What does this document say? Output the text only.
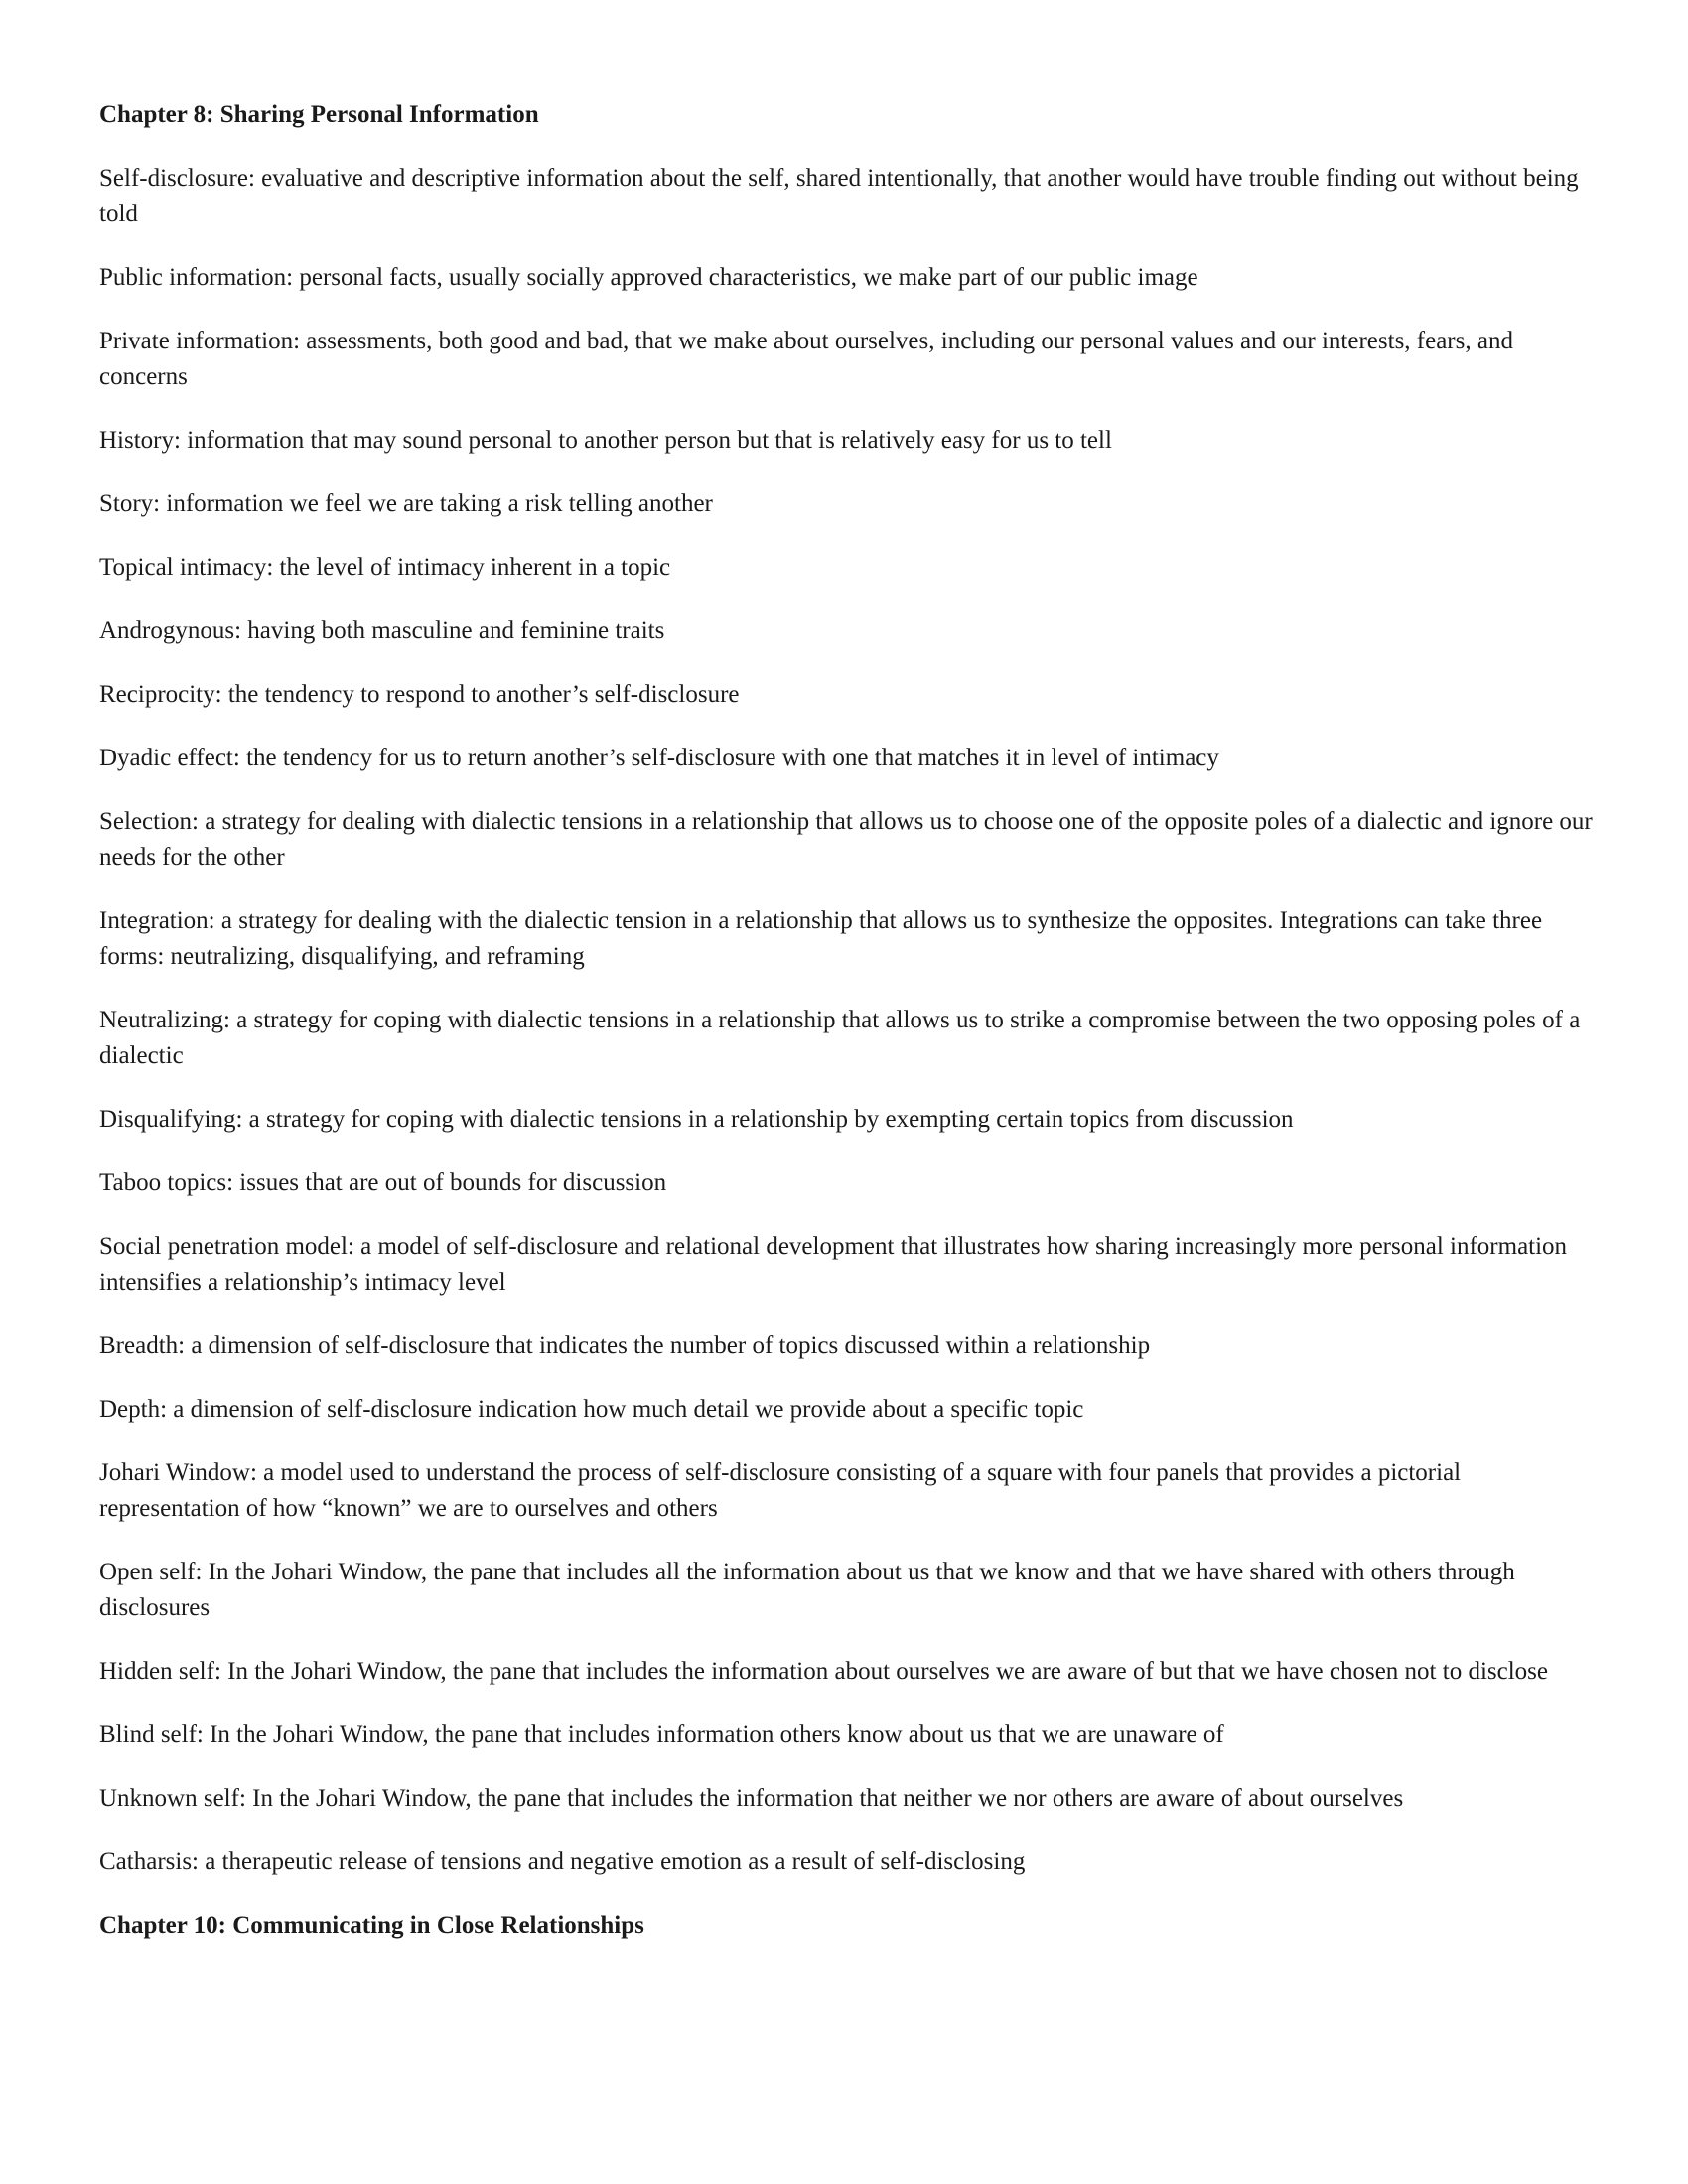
Chapter 8: Sharing Personal Information
Self-disclosure: evaluative and descriptive information about the self, shared intentionally, that another would have trouble finding out without being told
Public information: personal facts, usually socially approved characteristics, we make part of our public image
Private information: assessments, both good and bad, that we make about ourselves, including our personal values and our interests, fears, and concerns
History: information that may sound personal to another person but that is relatively easy for us to tell
Story: information we feel we are taking a risk telling another
Topical intimacy: the level of intimacy inherent in a topic
Androgynous: having both masculine and feminine traits
Reciprocity: the tendency to respond to another’s self-disclosure
Dyadic effect: the tendency for us to return another’s self-disclosure with one that matches it in level of intimacy
Selection: a strategy for dealing with dialectic tensions in a relationship that allows us to choose one of the opposite poles of a dialectic and ignore our needs for the other
Integration: a strategy for dealing with the dialectic tension in a relationship that allows us to synthesize the opposites. Integrations can take three forms: neutralizing, disqualifying, and reframing
Neutralizing: a strategy for coping with dialectic tensions in a relationship that allows us to strike a compromise between the two opposing poles of a dialectic
Disqualifying: a strategy for coping with dialectic tensions in a relationship by exempting certain topics from discussion
Taboo topics: issues that are out of bounds for discussion
Social penetration model: a model of self-disclosure and relational development that illustrates how sharing increasingly more personal information intensifies a relationship’s intimacy level
Breadth: a dimension of self-disclosure that indicates the number of topics discussed within a relationship
Depth: a dimension of self-disclosure indication how much detail we provide about a specific topic
Johari Window: a model used to understand the process of self-disclosure consisting of a square with four panels that provides a pictorial representation of how “known” we are to ourselves and others
Open self: In the Johari Window, the pane that includes all the information about us that we know and that we have shared with others through disclosures
Hidden self: In the Johari Window, the pane that includes the information about ourselves we are aware of but that we have chosen not to disclose
Blind self: In the Johari Window, the pane that includes information others know about us that we are unaware of
Unknown self: In the Johari Window, the pane that includes the information that neither we nor others are aware of about ourselves
Catharsis: a therapeutic release of tensions and negative emotion as a result of self-disclosing
Chapter 10: Communicating in Close Relationships
